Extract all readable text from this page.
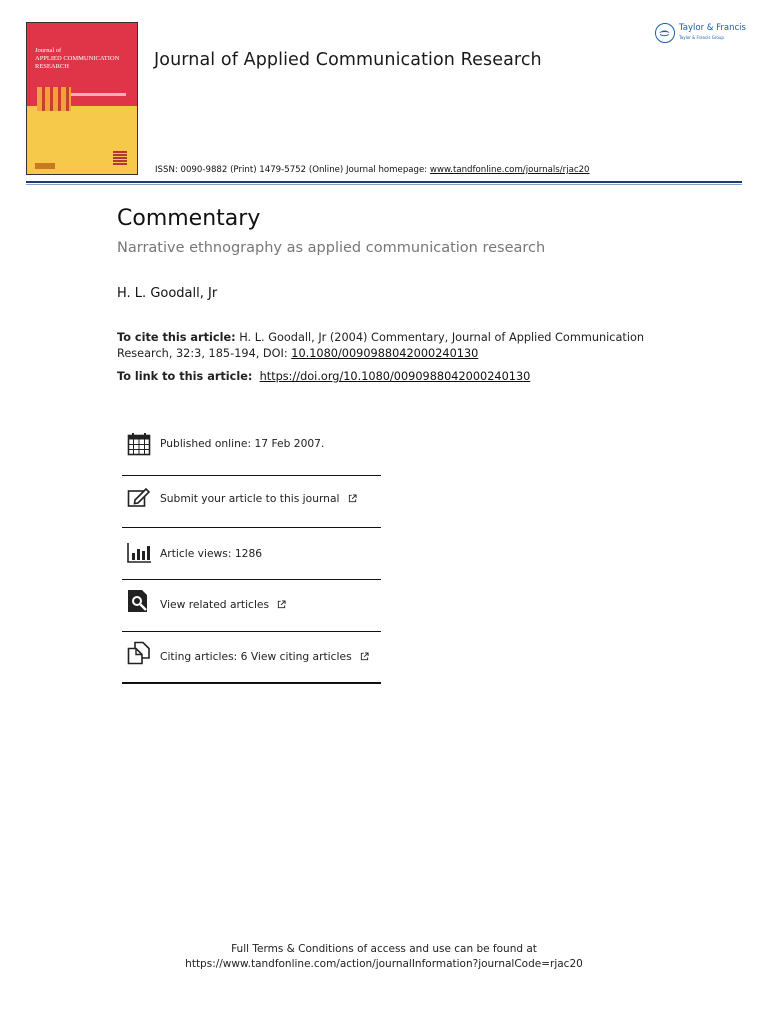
Journal of
APPLIED COMMUNICATION
RESEARCH	Journal of Applied Communication Research
Taylor & Francis
Taylor & Francis Group
ISSN: 0090-9882 (Print) 1479-5752 (Online) Journal homepage: www.tandfonline.com/journals/rjac20
Commentary
Narrative ethnography as applied communication research
H. L. Goodall, Jr
To cite this article: H. L. Goodall, Jr (2004) Commentary, Journal of Applied Communication Research, 32:3, 185-194, DOI: 10.1080/0090988042000240130
To link to this article: https://doi.org/10.1080/0090988042000240130
Published online: 17 Feb 2007.
Submit your article to this journal
Article views: 1286
View related articles
Citing articles: 6 View citing articles
Full Terms & Conditions of access and use can be found at
https://www.tandfonline.com/action/journalInformation?journalCode=rjac20
